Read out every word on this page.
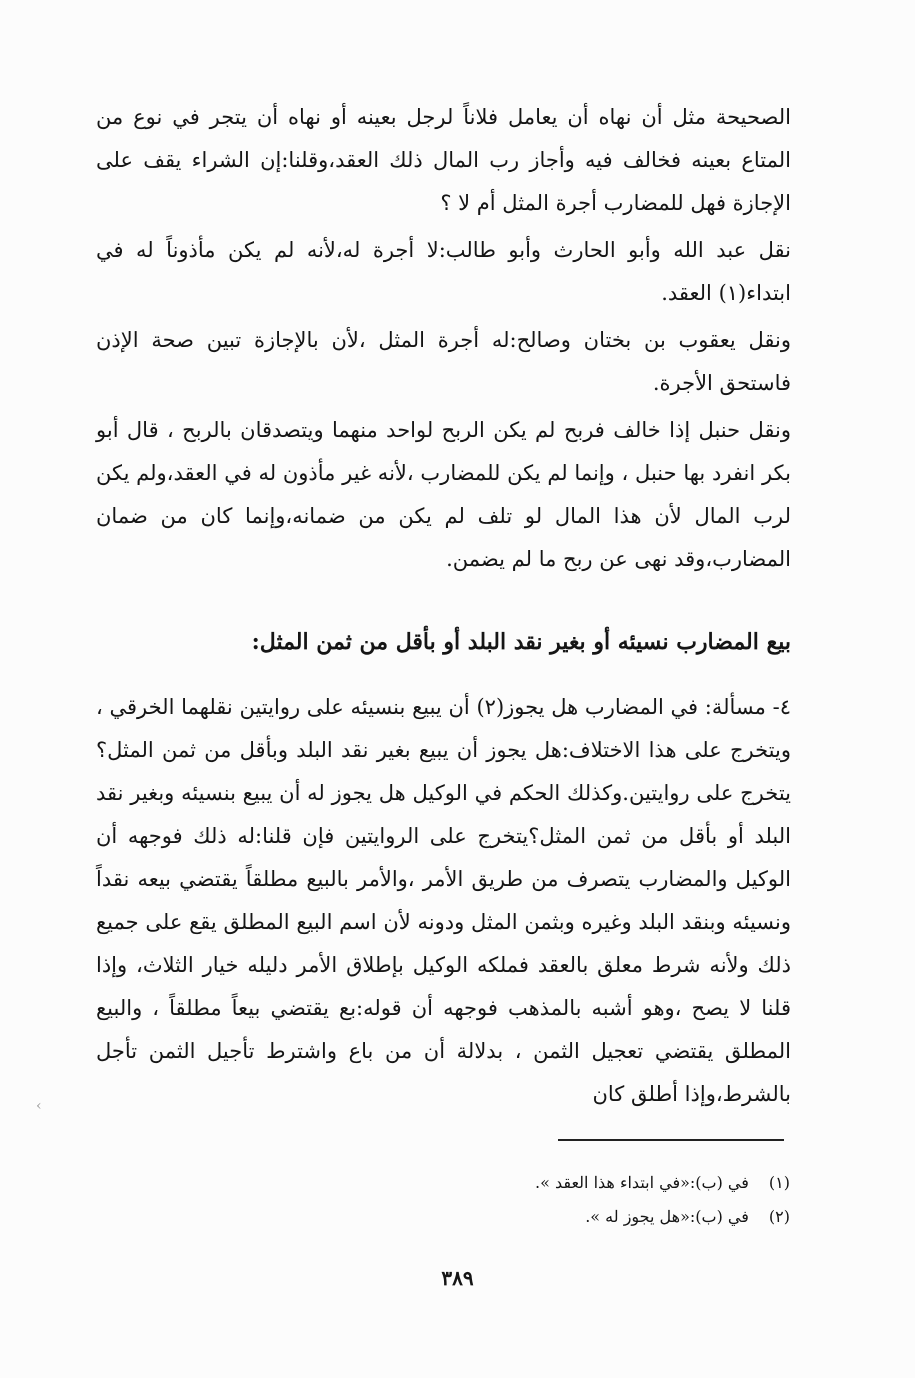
الصحيحة مثل أن نهاه أن يعامل فلاناً لرجل بعينه أو نهاه أن يتجر في نوع من المتاع بعينه فخالف فيه وأجاز رب المال ذلك العقد،وقلنا:إن الشراء يقف على الإجازة فهل للمضارب أجرة المثل أم لا ؟

نقل عبد الله وأبو الحارث وأبو طالب:لا أجرة له،لأنه لم يكن مأذوناً له في ابتداء(١) العقد.

ونقل يعقوب بن بختان وصالح:له أجرة المثل ،لأن بالإجازة تبين صحة الإذن فاستحق الأجرة.

ونقل حنبل إذا خالف فربح لم يكن الربح لواحد منهما ويتصدقان بالربح ، قال أبو بكر انفرد بها حنبل ، وإنما لم يكن للمضارب ،لأنه غير مأذون له في العقد،ولم يكن لرب المال لأن هذا المال لو تلف لم يكن من ضمانه،وإنما كان من ضمان المضارب،وقد نهى عن ربح ما لم يضمن.

بيع المضارب نسيئه أو بغير نقد البلد أو بأقل من ثمن المثل:

٤- مسألة: في المضارب هل يجوز(٢) أن يبيع بنسيئه على روايتين نقلهما الخرقي ، ويتخرج على هذا الاختلاف:هل يجوز أن يبيع بغير نقد البلد وبأقل من ثمن المثل؟ يتخرج على روايتين.وكذلك الحكم في الوكيل هل يجوز له أن يبيع بنسيئه وبغير نقد البلد أو بأقل من ثمن المثل؟يتخرج على الروايتين فإن قلنا:له ذلك فوجهه أن الوكيل والمضارب يتصرف من طريق الأمر ،والأمر بالبيع مطلقاً يقتضي بيعه نقداً ونسيئه وبنقد البلد وغيره وبثمن المثل ودونه لأن اسم البيع المطلق يقع على جميع ذلك ولأنه شرط معلق بالعقد فملكه الوكيل بإطلاق الأمر دليله خيار الثلاث، وإذا قلنا لا يصح ،وهو أشبه بالمذهب فوجهه أن قوله:بع يقتضي بيعاً مطلقاً ، والبيع المطلق يقتضي تعجيل الثمن ، بدلالة أن من باع واشترط تأجيل الثمن تأجل بالشرط،وإذا أطلق كان

(١)في (ب):«في ابتداء هذا العقد ».

(٢)في (ب):«هل يجوز له ».

٣٨٩
‹
